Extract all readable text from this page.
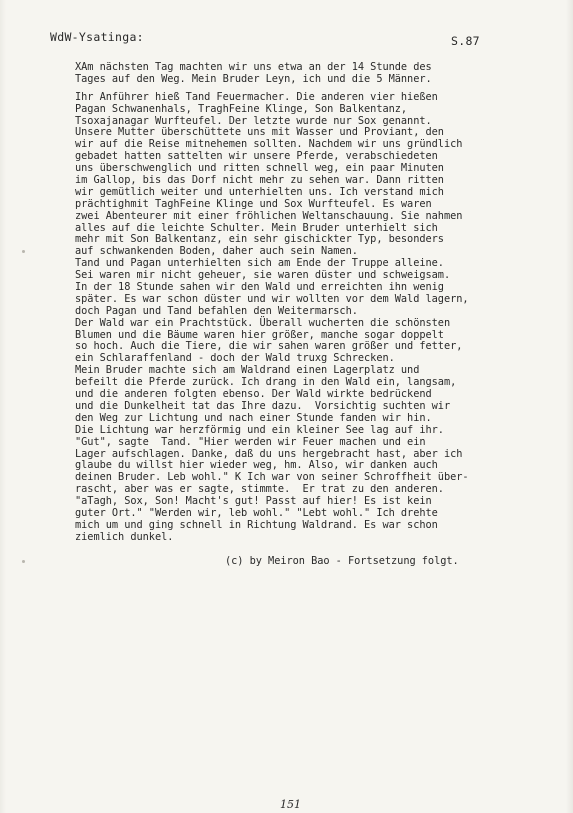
WdW-Ysatinga:	S.87
XAm nächsten Tag machten wir uns etwa an der 14 Stunde des
Tages auf den Weg. Mein Bruder Leyn, ich und die 5 Männer.
Ihr Anführer hieß Tand Feuermacher. Die anderen vier hießen
Pagan Schwanenhals, TraghFeine Klinge, Son Balkentanz,
Tsoxajanagar Wurfteufel. Der letzte wurde nur Sox genannt.
Unsere Mutter überschüttete uns mit Wasser und Proviant, den
wir auf die Reise mitnehemen sollten. Nachdem wir uns gründlich
gebadet hatten sattelten wir unsere Pferde, verabschiedeten
uns überschwenglich und ritten schnell weg, ein paar Minuten
im Gallop, bis das Dorf nicht mehr zu sehen war. Dann ritten
wir gemütlich weiter und unterhielten uns. Ich verstand mich
prächtighmit TaghFeine Klinge und Sox Wurfteufel. Es waren
zwei Abenteurer mit einer fröhlichen Weltanschauung. Sie nahmen
alles auf die leichte Schulter. Mein Bruder unterhielt sich
mehr mit Son Balkentanz, ein sehr gischickter Typ, besonders
auf schwankenden Boden, daher auch sein Namen.
Tand und Pagan unterhielten sich am Ende der Truppe alleine.
Sei waren mir nicht geheuer, sie waren düster und schweigsam.
In der 18 Stunde sahen wir den Wald und erreichten ihn wenig
später. Es war schon düster und wir wollten vor dem Wald lagern,
doch Pagan und Tand befahlen den Weitermarsch.
Der Wald war ein Prachtstück. Überall wucherten die schönsten
Blumen und die Bäume waren hier größer, manche sogar doppelt
so hoch. Auch die Tiere, die wir sahen waren größer und fetter,
ein Schlaraffenland - doch der Wald truxg Schrecken.
Mein Bruder machte sich am Waldrand einen Lagerplatz und
befeilt die Pferde zurück. Ich drang in den Wald ein, langsam,
und die anderen folgten ebenso. Der Wald wirkte bedrückend
und die Dunkelheit tat das Ihre dazu.  Vorsichtig suchten wir
den Weg zur Lichtung und nach einer Stunde fanden wir hin.
Die Lichtung war herzförmig und ein kleiner See lag auf ihr.
"Gut", sagte  Tand. "Hier werden wir Feuer machen und ein
Lager aufschlagen. Danke, daß du uns hergebracht hast, aber ich
glaube du willst hier wieder weg, hm. Also, wir danken auch
deinen Bruder. Leb wohl." K Ich war von seiner Schroffheit über-
rascht, aber was er sagte, stimmte.  Er trat zu den anderen.
"aTagh, Sox, Son! Macht's gut! Passt auf hier! Es ist kein
guter Ort." "Werden wir, leb wohl." "Lebt wohl." Ich drehte
mich um und ging schnell in Richtung Waldrand. Es war schon
ziemlich dunkel.
(c) by Meiron Bao - Fortsetzung folgt.
151
